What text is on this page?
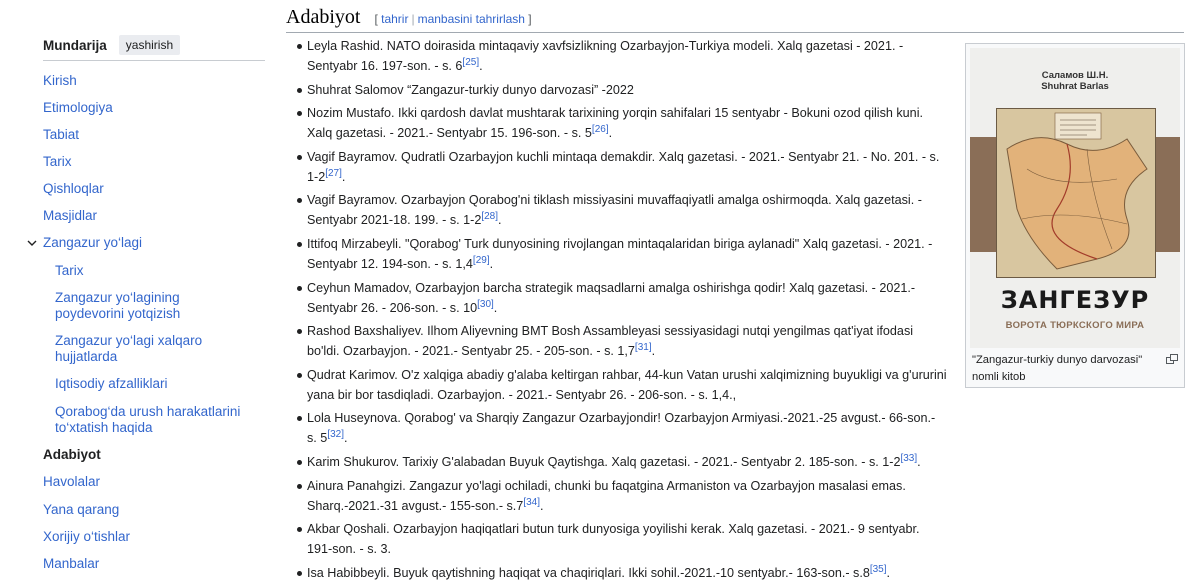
Mundarija	yashirish
Kirish
Etimologiya
Tabiat
Tarix
Qishloqlar
Masjidlar
Zangazur yo‘lagi
Tarix
Zangazur yo‘lagining poydevorini yotqizish
Zangazur yo‘lagi xalqaro hujjatlarda
Iqtisodiy afzalliklari
Qorabog‘da urush harakatlarini to‘xtatish haqida
Adabiyot
Havolalar
Yana qarang
Xorijiy o‘tishlar
Manbalar
Adabiyot [ tahrir | manbasini tahrirlash ]
Leyla Rashid. NATO doirasida mintaqaviy xavfsizlikning Ozarbayjon-Turkiya modeli. Xalq gazetasi - 2021. - Sentyabr 16. 197-son. - s. 6[25].
Shuhrat Salomov “Zangazur-turkiy dunyo darvozasi” -2022
Nozim Mustafo. Ikki qardosh davlat mushtarak tarixining yorqin sahifalari 15 sentyabr - Bokuni ozod qilish kuni. Xalq gazetasi. - 2021.- Sentyabr 15. 196-son. - s. 5[26].
Vagif Bayramov. Qudratli Ozarbayjon kuchli mintaqa demakdir. Xalq gazetasi. - 2021.- Sentyabr 21. - No. 201. - s. 1-2[27].
Vagif Bayramov. Ozarbayjon Qorabog'ni tiklash missiyasini muvaffaqiyatli amalga oshirmoqda. Xalq gazetasi. - Sentyabr 2021-18. 199. - s. 1-2[28].
Ittifoq Mirzabeyli. "Qorabog' Turk dunyosining rivojlangan mintaqalaridan biriga aylanadi" Xalq gazetasi. - 2021. - Sentyabr 12. 194-son. - s. 1,4[29].
Ceyhun Mamadov, Ozarbayjon barcha strategik maqsadlarni amalga oshirishga qodir! Xalq gazetasi. - 2021.- Sentyabr 26. - 206-son. - s. 10[30].
Rashod Baxshaliyev. Ilhom Aliyevning BMT Bosh Assambleyasi sessiyasidagi nutqi yengilmas qat'iyat ifodasi bo'ldi. Ozarbayjon. - 2021.- Sentyabr 25. - 205-son. - s. 1,7[31].
Qudrat Karimov. O'z xalqiga abadiy g'alaba keltirgan rahbar, 44-kun Vatan urushi xalqimizning buyukligi va g'ururini yana bir bor tasdiqladi. Ozarbayjon. - 2021.- Sentyabr 26. - 206-son. - s. 1,4.,
Lola Huseynova. Qorabog' va Sharqiy Zangazur Ozarbayjondir! Ozarbayjon Armiyasi.-2021.-25 avgust.- 66-son.- s. 5[32].
Karim Shukurov. Tarixiy G'alabadan Buyuk Qaytishga. Xalq gazetasi. - 2021.- Sentyabr 2. 185-son. - s. 1-2[33].
Ainura Panahgizi. Zangazur yo'lagi ochiladi, chunki bu faqatgina Armaniston va Ozarbayjon masalasi emas. Sharq.-2021.-31 avgust.- 155-son.- s.7[34].
Akbar Qoshali. Ozarbayjon haqiqatlari butun turk dunyosiga yoyilishi kerak. Xalq gazetasi. - 2021.- 9 sentyabr. 191-son. - s. 3.
Isa Habibbeyli. Buyuk qaytishning haqiqat va chaqiriqlari. Ikki sohil.-2021.-10 sentyabr.- 163-son.- s.8[35].
Саламов Ш.Н.
Shuhrat Barlas
ЗАНГЕЗУР
ВОРОТА ТЮРКСКОГО МИРА
"Zangazur-turkiy dunyo darvozasi" nomli kitob
